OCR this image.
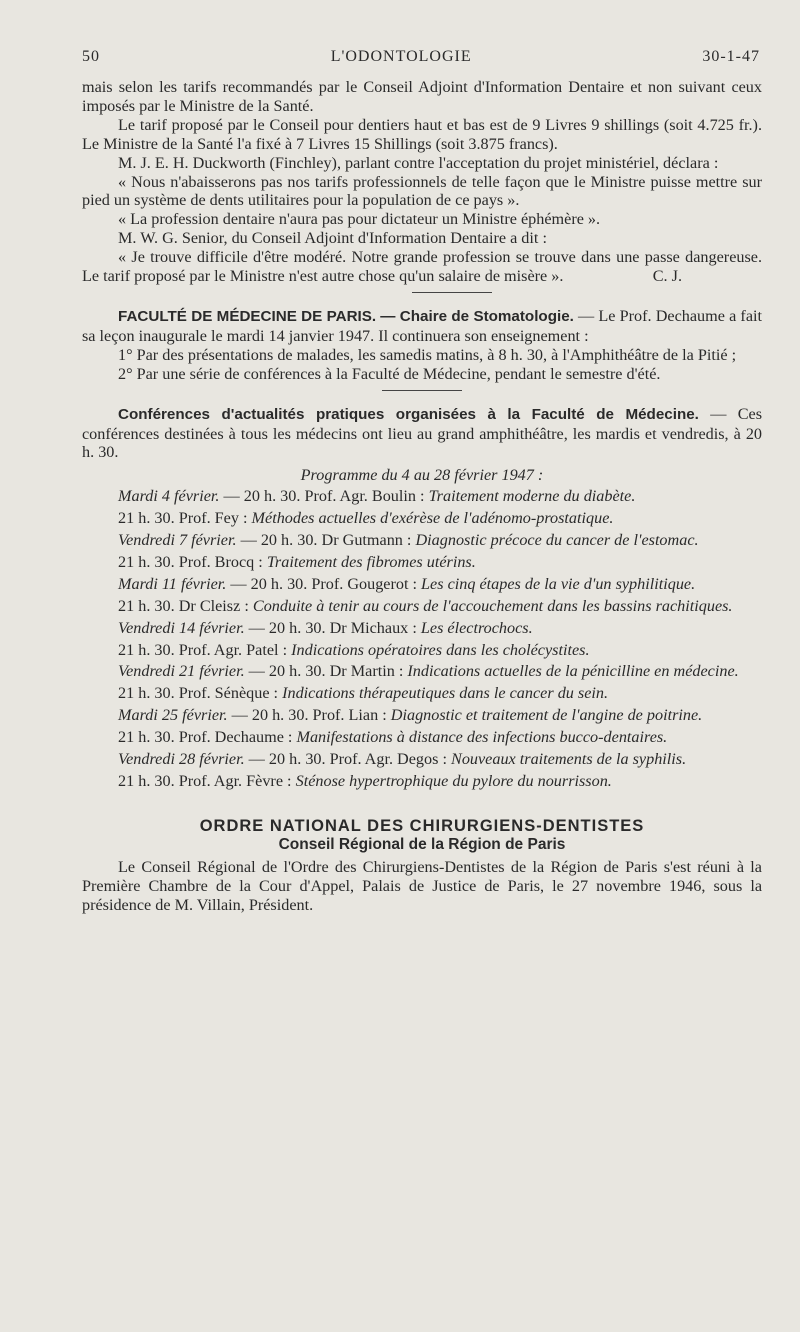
50	L'ODONTOLOGIE	30-1-47

mais selon les tarifs recommandés par le Conseil Adjoint d'Information Dentaire et non suivant ceux imposés par le Ministre de la Santé.

Le tarif proposé par le Conseil pour dentiers haut et bas est de 9 Livres 9 shillings (soit 4.725 fr.). Le Ministre de la Santé l'a fixé à 7 Livres 15 Shillings (soit 3.875 francs).

M. J. E. H. Duckworth (Finchley), parlant contre l'acceptation du projet ministériel, déclara :

« Nous n'abaisserons pas nos tarifs professionnels de telle façon que le Ministre puisse mettre sur pied un système de dents utilitaires pour la population de ce pays ».

« La profession dentaire n'aura pas pour dictateur un Ministre éphémère ».

M. W. G. Senior, du Conseil Adjoint d'Information Dentaire a dit :

« Je trouve difficile d'être modéré. Notre grande profession se trouve dans une passe dangereuse. Le tarif proposé par le Ministre n'est autre chose qu'un salaire de misère ».	C. J.

FACULTÉ DE MÉDECINE DE PARIS. — Chaire de Stomatologie. — Le Prof. Dechaume a fait sa leçon inaugurale le mardi 14 janvier 1947. Il continuera son enseignement :

1° Par des présentations de malades, les samedis matins, à 8 h. 30, à l'Amphithéâtre de la Pitié ;

2° Par une série de conférences à la Faculté de Médecine, pendant le semestre d'été.

Conférences d'actualités pratiques organisées à la Faculté de Médecine. — Ces conférences destinées à tous les médecins ont lieu au grand amphithéâtre, les mardis et vendredis, à 20 h. 30.

Programme du 4 au 28 février 1947 :

Mardi 4 février. — 20 h. 30. Prof. Agr. Boulin : Traitement moderne du diabète.

21 h. 30. Prof. Fey : Méthodes actuelles d'exérèse de l'adénomo-prostatique.

Vendredi 7 février. — 20 h. 30. Dr Gutmann : Diagnostic précoce du cancer de l'estomac.

21 h. 30. Prof. Brocq : Traitement des fibromes utérins.

Mardi 11 février. — 20 h. 30. Prof. Gougerot : Les cinq étapes de la vie d'un syphilitique.

21 h. 30. Dr Cleisz : Conduite à tenir au cours de l'accouchement dans les bassins rachitiques.

Vendredi 14 février. — 20 h. 30. Dr Michaux : Les électrochocs.

21 h. 30. Prof. Agr. Patel : Indications opératoires dans les cholécystites.

Vendredi 21 février. — 20 h. 30. Dr Martin : Indications actuelles de la pénicilline en médecine.

21 h. 30. Prof. Sénèque : Indications thérapeutiques dans le cancer du sein.

Mardi 25 février. — 20 h. 30. Prof. Lian : Diagnostic et traitement de l'angine de poitrine.

21 h. 30. Prof. Dechaume : Manifestations à distance des infections bucco-dentaires.

Vendredi 28 février. — 20 h. 30. Prof. Agr. Degos : Nouveaux traitements de la syphilis.

21 h. 30. Prof. Agr. Fèvre : Sténose hypertrophique du pylore du nourrisson.

ORDRE NATIONAL DES CHIRURGIENS-DENTISTES
Conseil Régional de la Région de Paris

Le Conseil Régional de l'Ordre des Chirurgiens-Dentistes de la Région de Paris s'est réuni à la Première Chambre de la Cour d'Appel, Palais de Justice de Paris, le 27 novembre 1946, sous la présidence de M. Villain, Président.
